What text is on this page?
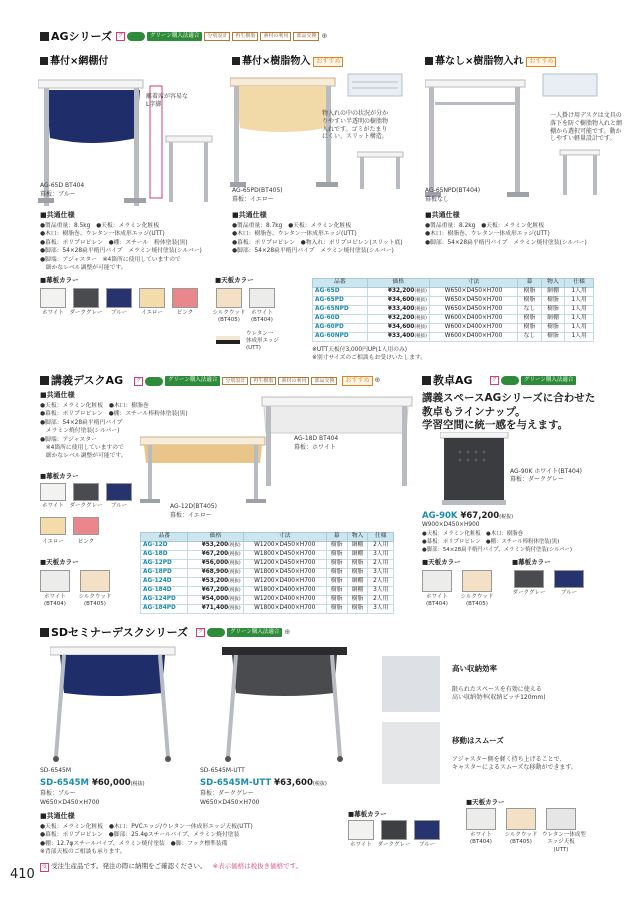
AGシリーズ	グ	グリーン購入法適合	分別設計	再生樹脂	素材の利用	部品交換 ⊕
幕付×網棚付
離着席が容易な
L字脚
AG-65D BT404
幕板：ブルー
■共通仕様
●製品重量：8.5kg　●天板：メラミン化粧板
●木口：樹脂巻、ウレタン一体成形エッジ(UTT)
●幕板：ポリプロピレン　●棚：スチール　粉体塗装(黒)
●脚部：54×28扁平楕円パイプ　メラミン焼付塗装(シルバー)
●脚端：アジャスター　※4箇所に使用していますので
　細かなレベル調整が可能です。
幕付×樹脂物入 おすすめ
物入れの中の状況が分か
りやすい半透明の樹脂物
入れです。ゴミがたまり
にくい、スリット構造。
AG-65PD(BT405)
幕板：イエロー
■共通仕様
●製品重量：8.7kg　●天板：メラミン化粧板
●木口：樹脂巻、ウレタン一体成形エッジ(UTT)
●幕板：ポリプロピレン　●物入れ：ポリプロピレン(スリット底)
●脚部：54×28扁平楕円パイプ　メラミン焼付塗装(シルバー)
幕なし×樹脂物入れ おすすめ
一人掛け用デスクは文具の
落下を防ぐ樹脂物入れと網
棚から選択可能です。動か
しやすい軽量設計です。
AG-65NPD(BT404)
幕板なし
■共通仕様
●製品重量：8.2kg　●天板：メラミン化粧板
●木口：樹脂巻、ウレタン一体成形エッジ(UTT)
●脚部：54×28扁平楕円パイプ　メラミン焼付塗装(シルバー)
■幕板カラー
ホワイト	ダークグレー	ブルー	イエロー	ピンク
■天板カラー
シルクウッド
(BT405)
ホワイト
(BT404)
ウレタン一
体成形エッジ
(UTT)
品番	価格	寸法	幕	物入	仕様
AG-65D	¥32,200(税抜)	W650×D450×H700	樹脂	網棚	1人用
AG-65PD	¥34,600(税抜)	W650×D450×H700	樹脂	樹脂	1人用
AG-65NPD	¥33,400(税抜)	W650×D450×H700	なし	樹脂	1人用
AG-60D	¥32,200(税抜)	W600×D400×H700	樹脂	網棚	1人用
AG-60PD	¥34,600(税抜)	W600×D400×H700	樹脂	樹脂	1人用
AG-60NPD	¥33,400(税抜)	W600×D400×H700	なし	樹脂	1人用
※UTT天板付3,000円UP(1人用のみ)
※別寸サイズのご相談もお受けいたします。
講義デスクAG	グ	グリーン購入法適合	分別設計	再生樹脂	素材の利用	部品交換	おすすめ ⊕
■共通仕様
●天板：メラミン化粧板　●木口：樹脂巻
●幕板：ポリプロピレン　●棚：スチール棒粉体塗装(黒)
●脚部：54×28扁平楕円パイプ
　メラミン焼付塗装(シルバー)
●脚端：アジャスター
　※4箇所に使用していますので
　細かなレベル調整が可能です。
■幕板カラー
ホワイト	ダークグレー	ブルー
イエロー	ピンク
AG-18D BT404
幕板：ホワイト
AG-12D(BT405)
幕板：イエロー
■天板カラー
ホワイト
(BT404)
シルクウッド
(BT405)
品番	価格	寸法	幕	物入	仕様
AG-12D	¥53,200(税抜)	W1200×D450×H700	樹脂	網棚	2人用
AG-18D	¥67,200(税抜)	W1800×D450×H700	樹脂	網棚	3人用
AG-12PD	¥56,000(税抜)	W1200×D450×H700	樹脂	樹脂	2人用
AG-18PD	¥68,900(税抜)	W1800×D450×H700	樹脂	樹脂	3人用
AG-124D	¥53,200(税抜)	W1200×D400×H700	樹脂	網棚	2人用
AG-184D	¥67,200(税抜)	W1800×D400×H700	樹脂	網棚	3人用
AG-124PD	¥54,000(税抜)	W1200×D400×H700	樹脂	樹脂	2人用
AG-184PD	¥71,400(税抜)	W1800×D400×H700	樹脂	樹脂	3人用
教卓AG	グ	グリーン購入法適合
講義スペースAGシリーズに合わせた
教卓もラインナップ。
学習空間に統一感を与えます。
AG-90K ホワイト(BT404)
幕板：ダークグレー
AG-90K ¥67,200(税抜)
W900×D450×H900
●天板：メラミン化粧板　●木口：樹脂巻
●幕板：ポリプロピレン　●棚：スチール棒粉体塗装(黒)
●脚部：54×28扁平楕円パイプ、メラミン焼付塗装(シルバー)
■天板カラー
ホワイト
(BT404)
シルクウッド
(BT405)
■幕板カラー
ダークグレー	ブルー
SDセミナーデスクシリーズ	グ	グリーン購入法適合 ⊕
SD-6545M
SD-6545M ¥60,000(税抜)
幕板：ブルー
W650×D450×H700
SD-6545M-UTT
SD-6545M-UTT ¥63,600(税抜)
幕板：ダークグレー
W650×D450×H700
高い収納効率
限られたスペースを有効に使える
高い収納効率(収納ピッチ120mm)
移動はスムーズ
アジャスター側を軽く持ち上げることで、
キャスターによるスムーズな移動ができます。
■共通仕様
●天板：メラミン化粧板　●木口：PVCエッジ/ウレタン一体成形エッジ天板(UTT)
●幕板：ポリプロピレン　●脚部：25.4φスチールパイプ、メラミン焼付塗装
●棚：12.7φスチールパイプ、メラミン焼付塗装　●脚：フック標準装備
※背部天板のご相談も承ります。
■幕板カラー
ホワイト	ダークグレー	ブルー
■天板カラー
ホワイト
(BT404)
シルクウッド
(BT405)
ウレタン一体成型
エッジ天板
(UTT)
410	受 受注生産品です。発注の際に納期をご確認ください。 ※表示価格は税抜き価格です。
